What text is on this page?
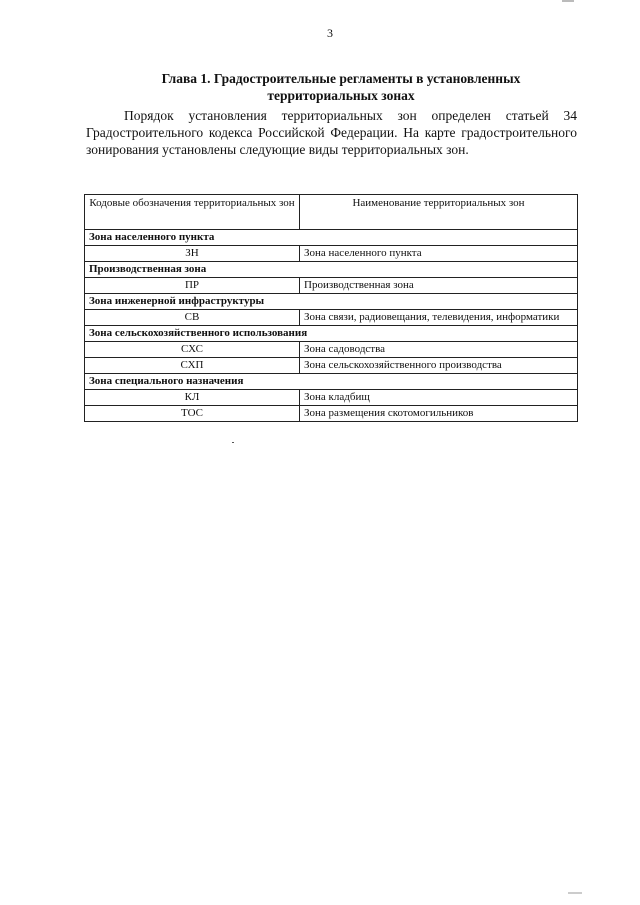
3
Глава 1. Градостроительные регламенты в установленных
территориальных зонах
Порядок установления территориальных зон определен статьей 34 Градостроительного кодекса Российской Федерации. На карте градостроительного зонирования установлены следующие виды территориальных зон.
Кодовые обозначения территориальных зон	Наименование территориальных зон
Зона населенного пункта	
ЗН	Зона населенного пункта
Производственная зона	
ПР	Производственная зона
Зона инженерной инфраструктуры	
СВ	Зона связи, радиовещания, телевидения, информатики
Зона сельскохозяйственного использования	
СХС	Зона садоводства
СХП	Зона сельскохозяйственного производства
Зона специального назначения	
КЛ	Зона кладбищ
ТОС	Зона размещения скотомогильников
